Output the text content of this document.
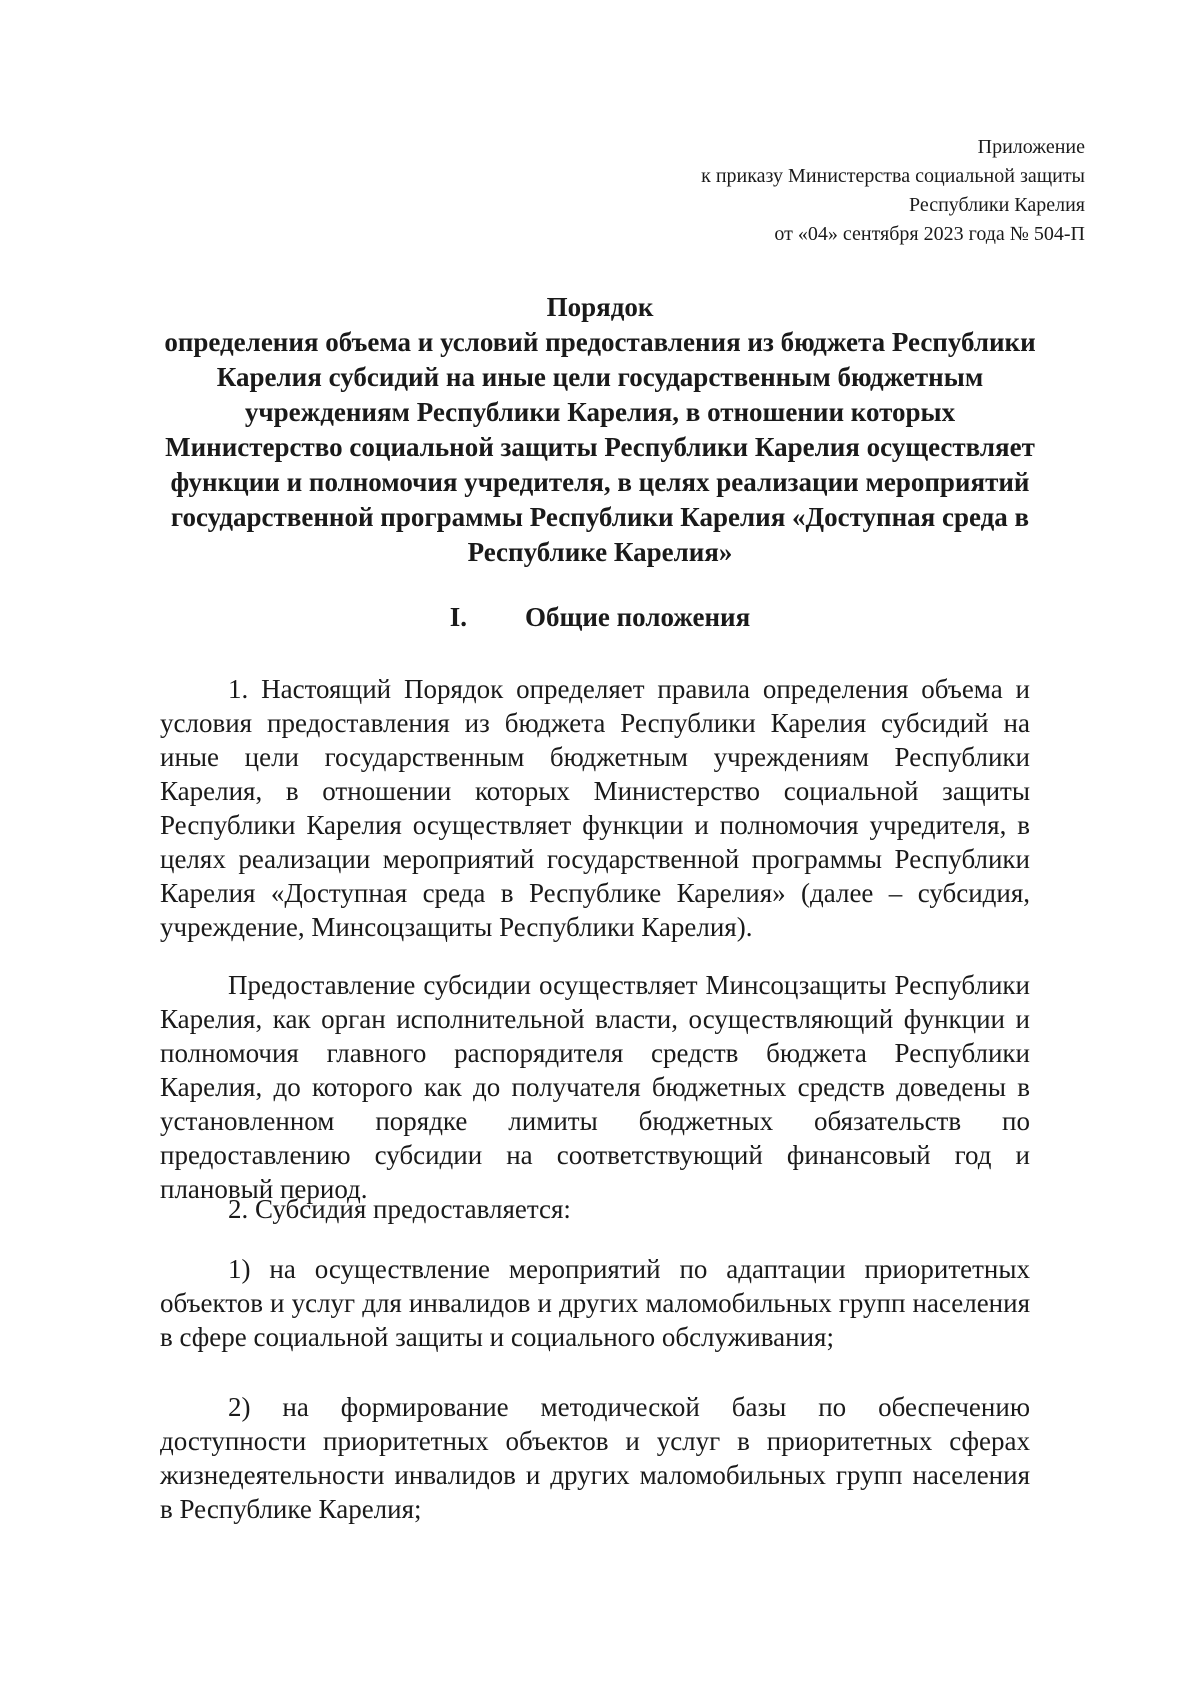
Приложение
к приказу Министерства социальной защиты
Республики Карелия
от «04» сентября 2023 года № 504-П
Порядок
определения объема и условий предоставления из бюджета Республики Карелия субсидий на иные цели государственным бюджетным учреждениям Республики Карелия, в отношении которых Министерство социальной защиты Республики Карелия осуществляет функции и полномочия учредителя, в целях реализации мероприятий государственной программы Республики Карелия «Доступная среда в Республике Карелия»
I. Общие положения

1. Настоящий Порядок определяет правила определения объема и условия предоставления из бюджета Республики Карелия субсидий на иные цели государственным бюджетным учреждениям Республики Карелия, в отношении которых Министерство социальной защиты Республики Карелия осуществляет функции и полномочия учредителя, в целях реализации мероприятий государственной программы Республики Карелия «Доступная среда в Республике Карелия» (далее – субсидия, учреждение, Минсоцзащиты Республики Карелия).

Предоставление субсидии осуществляет Минсоцзащиты Республики Карелия, как орган исполнительной власти, осуществляющий функции и полномочия главного распорядителя средств бюджета Республики Карелия, до которого как до получателя бюджетных средств доведены в установленном порядке лимиты бюджетных обязательств по предоставлению субсидии на соответствующий финансовый год и плановый период.

2. Субсидия предоставляется:

1) на осуществление мероприятий по адаптации приоритетных объектов и услуг для инвалидов и других маломобильных групп населения в сфере социальной защиты и социального обслуживания;

2) на формирование методической базы по обеспечению доступности приоритетных объектов и услуг в приоритетных сферах жизнедеятельности инвалидов и других маломобильных групп населения в Республике Карелия;
